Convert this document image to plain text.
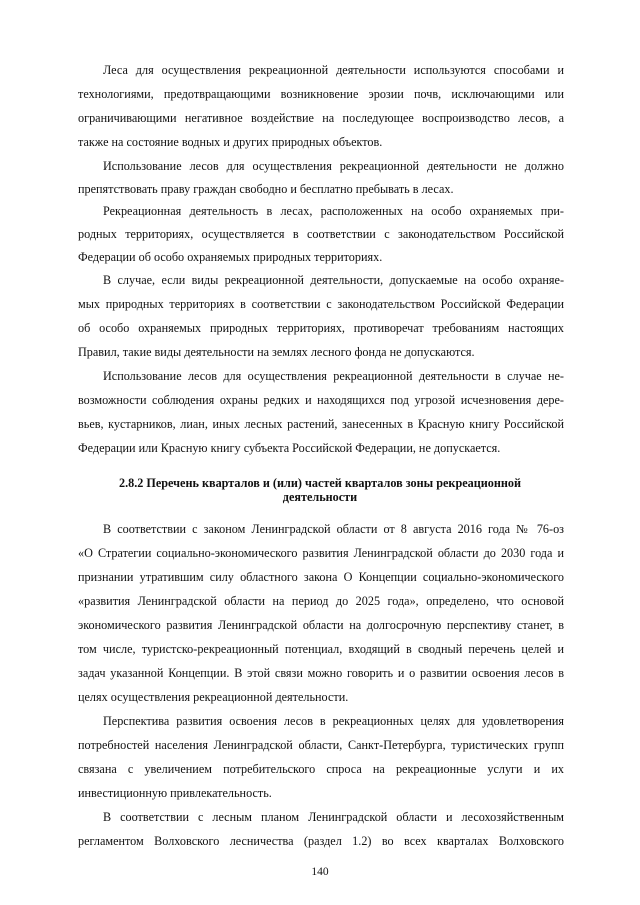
Леса для осуществления рекреационной деятельности используются способами и
технологиями, предотвращающими возникновение эрозии почв, исключающими или
ограничивающими негативное воздействие на последующее воспроизводство лесов, а
также на состояние водных и других природных объектов.
Использование лесов для осуществления рекреационной деятельности не должно
препятствовать праву граждан свободно и бесплатно пребывать в лесах.
Рекреационная деятельность в лесах, расположенных на особо охраняемых при-
родных территориях, осуществляется в соответствии с законодательством Российской
Федерации об особо охраняемых природных территориях.
В случае, если виды рекреационной деятельности, допускаемые на особо охраняе-
мых природных территориях в соответствии с законодательством Российской Федерации
об особо охраняемых природных территориях, противоречат требованиям настоящих
Правил, такие виды деятельности на землях лесного фонда не допускаются.
Использование лесов для осуществления рекреационной деятельности в случае не-
возможности соблюдения охраны редких и находящихся под угрозой исчезновения дере-
вьев, кустарников, лиан, иных лесных растений, занесенных в Красную книгу Российской
Федерации или Красную книгу субъекта Российской Федерации, не допускается.
2.8.2 Перечень кварталов и (или) частей кварталов зоны рекреационной
деятельности
В соответствии с законом Ленинградской области от 8 августа 2016 года № 76-оз
«О Стратегии социально-экономического развития Ленинградской области до 2030 года и
признании утратившим силу областного закона О Концепции социально-экономического
«развития Ленинградской области на период до 2025 года», определено, что основой
экономического развития Ленинградской области на долгосрочную перспективу станет, в
том числе, туристско-рекреационный потенциал, входящий в сводный перечень целей и
задач указанной Концепции. В этой связи можно говорить и о развитии освоения лесов в
целях осуществления рекреационной деятельности.
Перспектива развития освоения лесов в рекреационных целях для удовлетворения
потребностей населения Ленинградской области, Санкт-Петербурга, туристических групп
связана с увеличением потребительского спроса на рекреационные услуги и их
инвестиционную привлекательность.
В соответствии с лесным планом Ленинградской области и лесохозяйственным
регламентом Волховского лесничества (раздел 1.2) во всех кварталах Волховского
140
